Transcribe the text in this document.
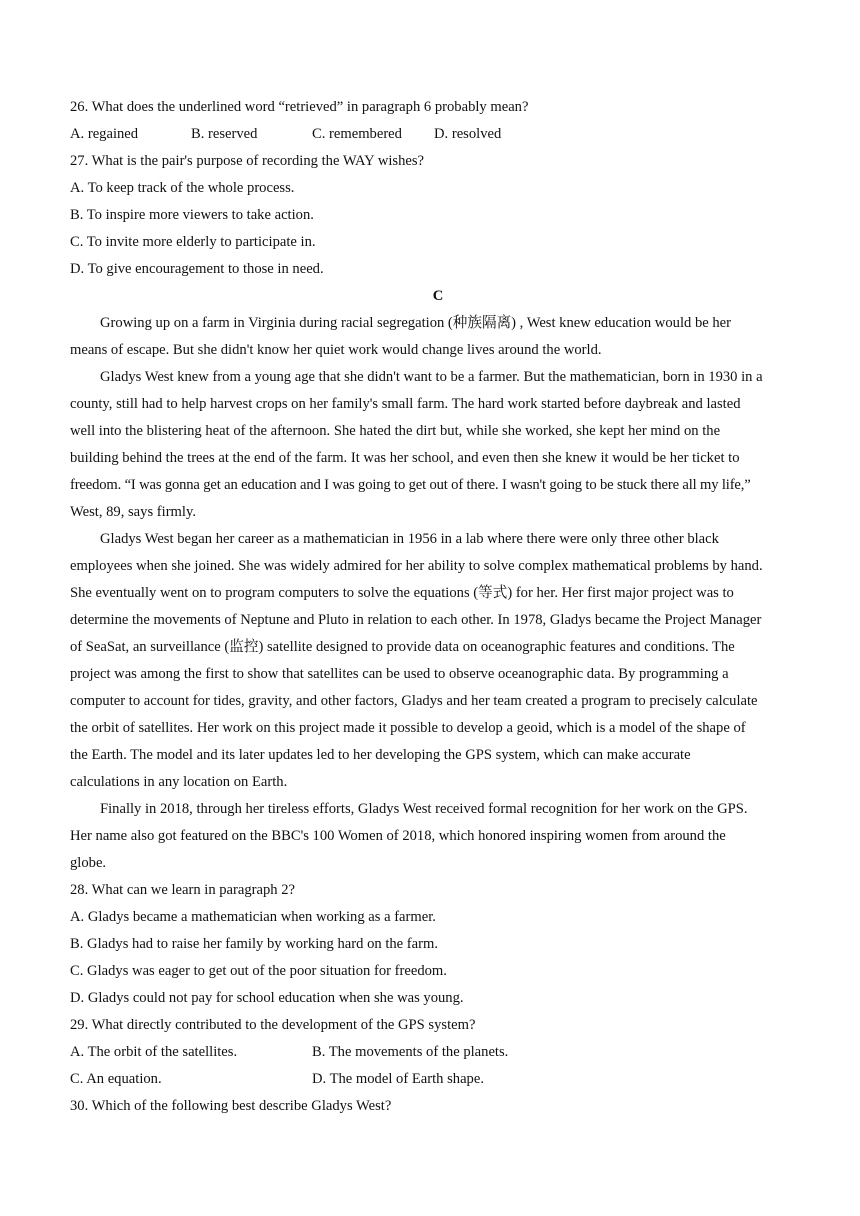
26. What does the underlined word “retrieved” in paragraph 6 probably mean?
A. regained	B. reserved	C. remembered D. resolved
27. What is the pair's purpose of recording the WAY wishes?
A. To keep track of the whole process.
B. To inspire more viewers to take action.
C. To invite more elderly to participate in.
D. To give encouragement to those in need.
C
Growing up on a farm in Virginia during racial segregation (种族隔离) , West knew education would be her
means of escape. But she didn't know her quiet work would change lives around the world.
Gladys West knew from a young age that she didn't want to be a farmer. But the mathematician, born in 1930 in a
county, still had to help harvest crops on her family's small farm. The hard work started before daybreak and lasted
well into the blistering heat of the afternoon. She hated the dirt but, while she worked, she kept her mind on the
building behind the trees at the end of the farm. It was her school, and even then she knew it would be her ticket to
freedom. “I was gonna get an education and I was going to get out of there. I wasn't going to be stuck there all my life,”
West, 89, says firmly.
Gladys West began her career as a mathematician in 1956 in a lab where there were only three other black
employees when she joined. She was widely admired for her ability to solve complex mathematical problems by hand.
She eventually went on to program computers to solve the equations (等式) for her. Her first major project was to
determine the movements of Neptune and Pluto in relation to each other. In 1978, Gladys became the Project Manager
of SeaSat, an surveillance (监控) satellite designed to provide data on oceanographic features and conditions. The
project was among the first to show that satellites can be used to observe oceanographic data. By programming a
computer to account for tides, gravity, and other factors, Gladys and her team created a program to precisely calculate
the orbit of satellites. Her work on this project made it possible to develop a geoid, which is a model of the shape of
the Earth. The model and its later updates led to her developing the GPS system, which can make accurate
calculations in any location on Earth.
Finally in 2018, through her tireless efforts, Gladys West received formal recognition for her work on the GPS.
Her name also got featured on the BBC's 100 Women of 2018, which honored inspiring women from around the
globe.
28. What can we learn in paragraph 2?
A. Gladys became a mathematician when working as a farmer.
B. Gladys had to raise her family by working hard on the farm.
C. Gladys was eager to get out of the poor situation for freedom.
D. Gladys could not pay for school education when she was young.
29. What directly contributed to the development of the GPS system?
A. The orbit of the satellites.	B. The movements of the planets.
C. An equation.	D. The model of Earth shape.
30. Which of the following best describe Gladys West?
